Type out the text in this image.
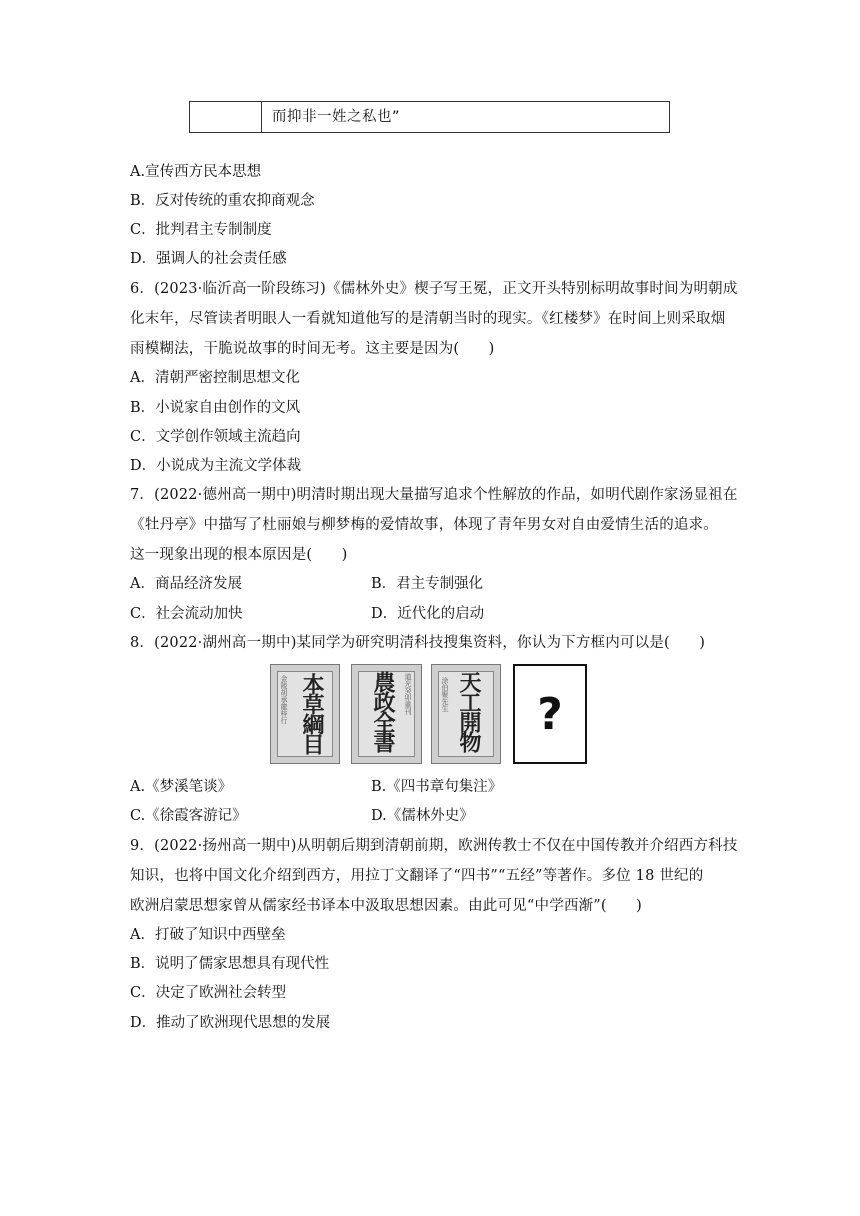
而抑非一姓之私也”
A.宣传西方民本思想
B．反对传统的重农抑商观念
C．批判君主专制制度
D．强调人的社会责任感
6．(2023·临沂高一阶段练习)《儒林外史》楔子写王冕，正文开头特别标明故事时间为明朝成
化末年，尽管读者明眼人一看就知道他写的是清朝当时的现实。《红楼梦》在时间上则采取烟
雨模糊法，干脆说故事的时间无考。这主要是因为(　　)
A．清朝严密控制思想文化
B．小说家自由创作的文风
C．文学创作领域主流趋向
D．小说成为主流文学体裁
7．(2022·德州高一期中)明清时期出现大量描写追求个性解放的作品，如明代剧作家汤显祖在
《牡丹亭》中描写了杜丽娘与柳梦梅的爱情故事，体现了青年男女对自由爱情生活的追求。
这一现象出现的根本原因是(　　)
A．商品经济发展	B．君主专制强化
C．社会流动加快	D．近代化的启动
8．(2022·湖州高一期中)某同学为研究明清科技搜集资料，你认为下方框内可以是(　　)
金陵胡承龍梓行 本草綱目	道光癸卯重刊
農政全書	涂伯聚先生 天工開物 ?
A.《梦溪笔谈》	B.《四书章句集注》
C.《徐霞客游记》	D.《儒林外史》
9．(2022·扬州高一期中)从明朝后期到清朝前期，欧洲传教士不仅在中国传教并介绍西方科技
知识，也将中国文化介绍到西方，用拉丁文翻译了“四书”“五经”等著作。多位 18 世纪的
欧洲启蒙思想家曾从儒家经书译本中汲取思想因素。由此可见“中学西渐”(　　)
A．打破了知识中西壁垒
B．说明了儒家思想具有现代性
C．决定了欧洲社会转型
D．推动了欧洲现代思想的发展
